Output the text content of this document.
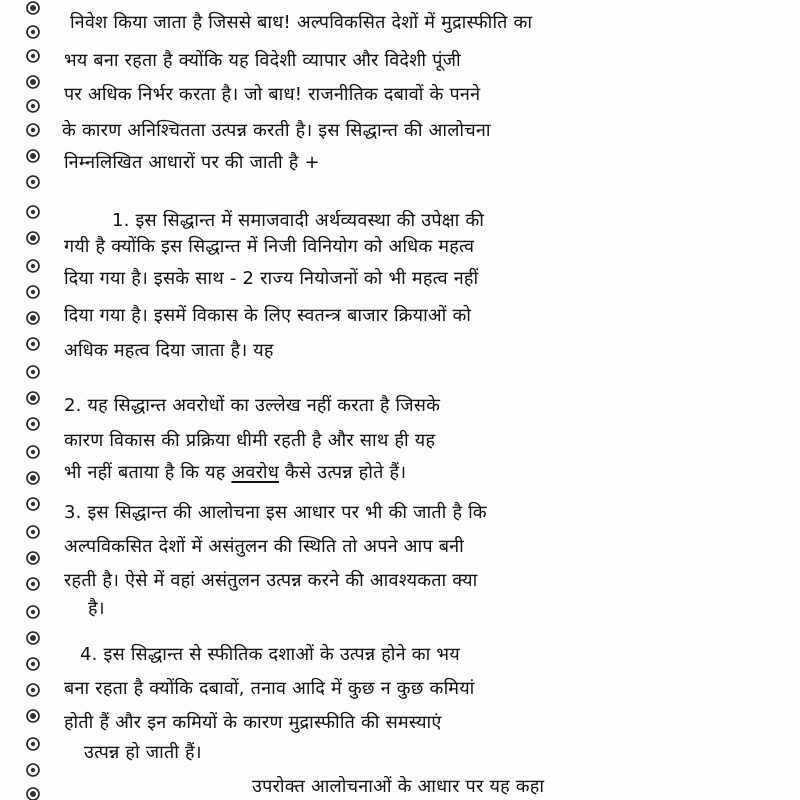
निवेश किया जाता है जिससे बाध! अल्पविकसित देशों में मुद्रास्फीति का
भय बना रहता है क्योंकि यह विदेशी व्यापार और विदेशी पूंजी
पर अधिक निर्भर करता है। जो बाध! राजनीतिक दबावों के पनने
के कारण अनिश्चितता उत्पन्न करती है। इस सिद्धान्त की आलोचना
निम्नलिखित आधारों पर की जाती है +
1. इस सिद्धान्त में समाजवादी अर्थव्यवस्था की उपेक्षा की
गयी है क्योंकि इस सिद्धान्त में निजी विनियोग को अधिक महत्व
दिया गया है। इसके साथ - 2 राज्य नियोजनों को भी महत्व नहीं
दिया गया है। इसमें विकास के लिए स्वतन्त्र बाजार क्रियाओं को
अधिक महत्व दिया जाता है। यह
2. यह सिद्धान्त अवरोधों का उल्लेख नहीं करता है जिसके
कारण विकास की प्रक्रिया धीमी रहती है और साथ ही यह
भी नहीं बताया है कि यह अवरोध कैसे उत्पन्न होते हैं।
3. इस सिद्धान्त की आलोचना इस आधार पर भी की जाती है कि
अल्पविकसित देशों में असंतुलन की स्थिति तो अपने आप बनी
रहती है। ऐसे में वहां असंतुलन उत्पन्न करने की आवश्यकता क्या
है।
4. इस सिद्धान्त से स्फीतिक दशाओं के उत्पन्न होने का भय
बना रहता है क्योंकि दबावों, तनाव आदि में कुछ न कुछ कमियां
होती हैं और इन कमियों के कारण मुद्रास्फीति की समस्याएं
उत्पन्न हो जाती हैं।
उपरोक्त आलोचनाओं के आधार पर यह कहा
